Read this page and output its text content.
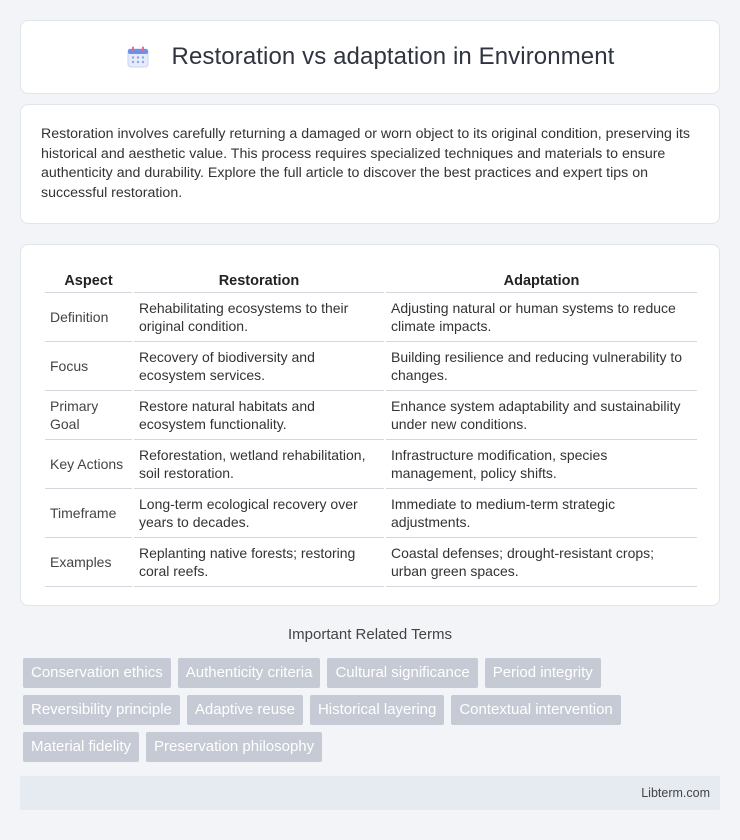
Restoration vs adaptation in Environment

Restoration involves carefully returning a damaged or worn object to its original condition, preserving its historical and aesthetic value. This process requires specialized techniques and materials to ensure authenticity and durability. Explore the full article to discover the best practices and expert tips on successful restoration.

Aspect	Restoration	Adaptation
Definition	Rehabilitating ecosystems to their original condition.	Adjusting natural or human systems to reduce climate impacts.
Focus	Recovery of biodiversity and ecosystem services.	Building resilience and reducing vulnerability to changes.
Primary Goal	Restore natural habitats and ecosystem functionality.	Enhance system adaptability and sustainability under new conditions.
Key Actions	Reforestation, wetland rehabilitation, soil restoration.	Infrastructure modification, species management, policy shifts.
Timeframe	Long-term ecological recovery over years to decades.	Immediate to medium-term strategic adjustments.
Examples	Replanting native forests; restoring coral reefs.	Coastal defenses; drought-resistant crops; urban green spaces.
Important Related Terms
Conservation ethics	Authenticity criteria	Cultural significance	Period integrity
Reversibility principle	Adaptive reuse	Historical layering	Contextual intervention
Material fidelity	Preservation philosophy
Libterm.com
